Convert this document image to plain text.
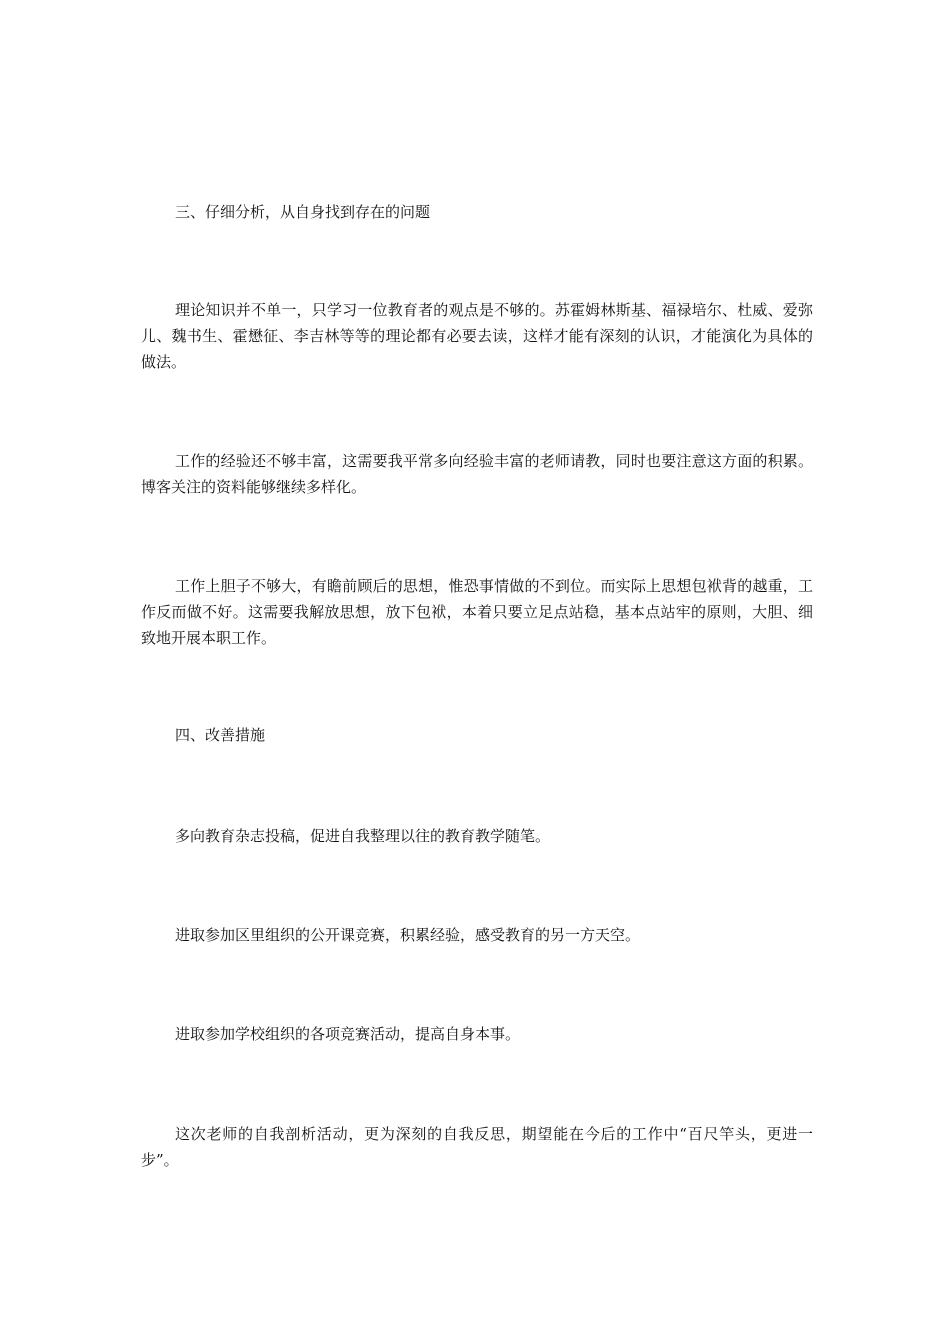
三、仔细分析，从自身找到存在的问题

理论知识并不单一，只学习一位教育者的观点是不够的。苏霍姆林斯基、福禄培尔、杜威、爱弥儿、魏书生、霍懋征、李吉林等等的理论都有必要去读，这样才能有深刻的认识，才能演化为具体的做法。

工作的经验还不够丰富，这需要我平常多向经验丰富的老师请教，同时也要注意这方面的积累。博客关注的资料能够继续多样化。

工作上胆子不够大，有瞻前顾后的思想，惟恐事情做的不到位。而实际上思想包袱背的越重，工作反而做不好。这需要我解放思想，放下包袱，本着只要立足点站稳，基本点站牢的原则，大胆、细致地开展本职工作。

四、改善措施

多向教育杂志投稿，促进自我整理以往的教育教学随笔。

进取参加区里组织的公开课竞赛，积累经验，感受教育的另一方天空。

进取参加学校组织的各项竞赛活动，提高自身本事。

这次老师的自我剖析活动，更为深刻的自我反思，期望能在今后的工作中“百尺竿头，更进一步”。
